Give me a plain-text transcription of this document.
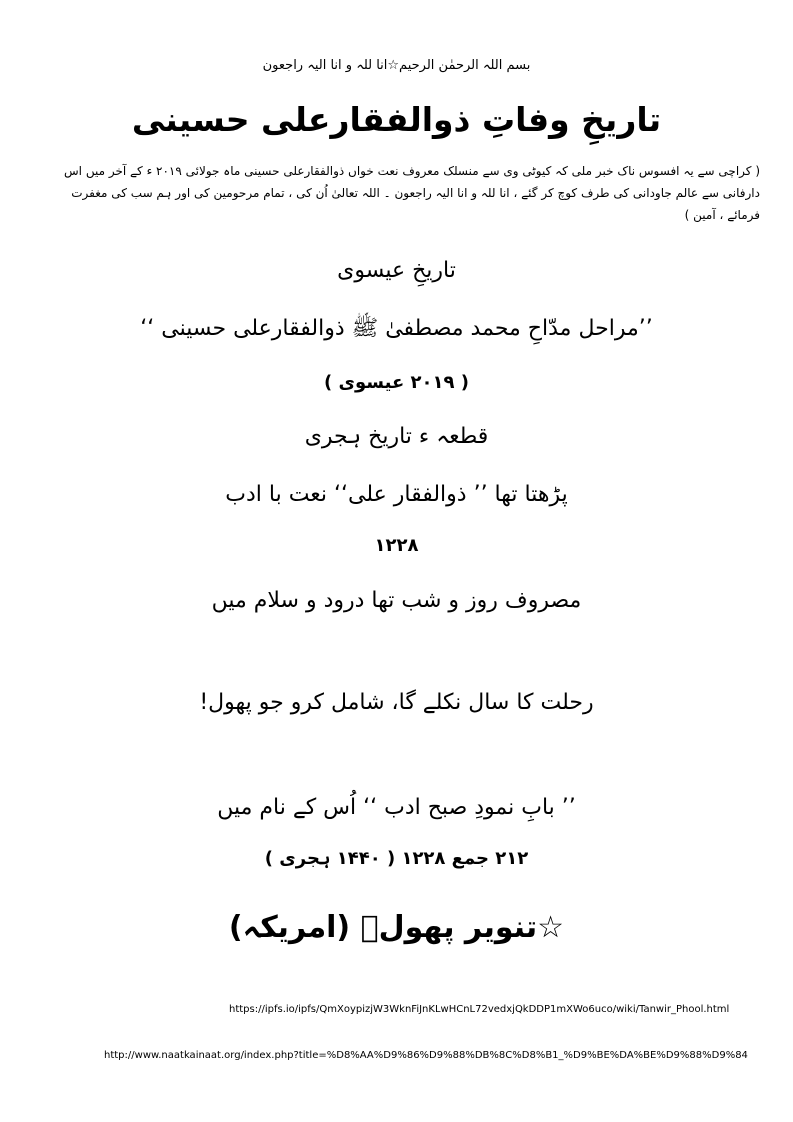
بسم اللہ الرحمٰن الرحیم☆انا للہ و انا الیہ راجعون
تاریخِ وفاتِ ذوالفقارعلی حسینی
( کراچی سے یہ افسوس ناک خبر ملی کہ کیوٹی وی سے منسلک معروف نعت خواں ذوالفقارعلی حسینی ماہ جولائی ۲۰۱۹ ء کے آخر میں اس دارفانی سے عالم جاودانی کی طرف کوچ کر گئے ، انا للہ و انا الیہ راجعون ۔ اللہ تعالیٰ اُن کی ، تمام مرحومین کی اور ہم سب کی مغفرت فرمائے ، آمین )
تاریخِ عیسوی
’’مراحل مدّاحِ محمد مصطفیٰ ﷺ ذوالفقارعلی حسینی ‘‘
( ۲۰۱۹ عیسوی )
قطعہ ء تاریخ ہجری
پڑھتا تھا ’’ ذوالفقار علی‘‘ نعت با ادب
۱۲۲۸
مصروف روز و شب تھا درود و سلام میں
رحلت کا سال نکلے گا، شامل کرو جو پھول!
’’ بابِ نمودِ صبح ادب ‘‘ اُس کے نام میں
۲۱۲ جمع ۱۲۲۸ ( ۱۴۴۰ ہجری )
☆تنویر پھولؔ (امریکہ)
https://ipfs.io/ipfs/QmXoypizjW3WknFiJnKLwHCnL72vedxjQkDDP1mXWo6uco/wiki/Tanwir_Phool.html
http://www.naatkainaat.org/index.php?title=%D8%AA%D9%86%D9%88%DB%8C%D8%B1_%D9%BE%DA%BE%D9%88%D9%84
